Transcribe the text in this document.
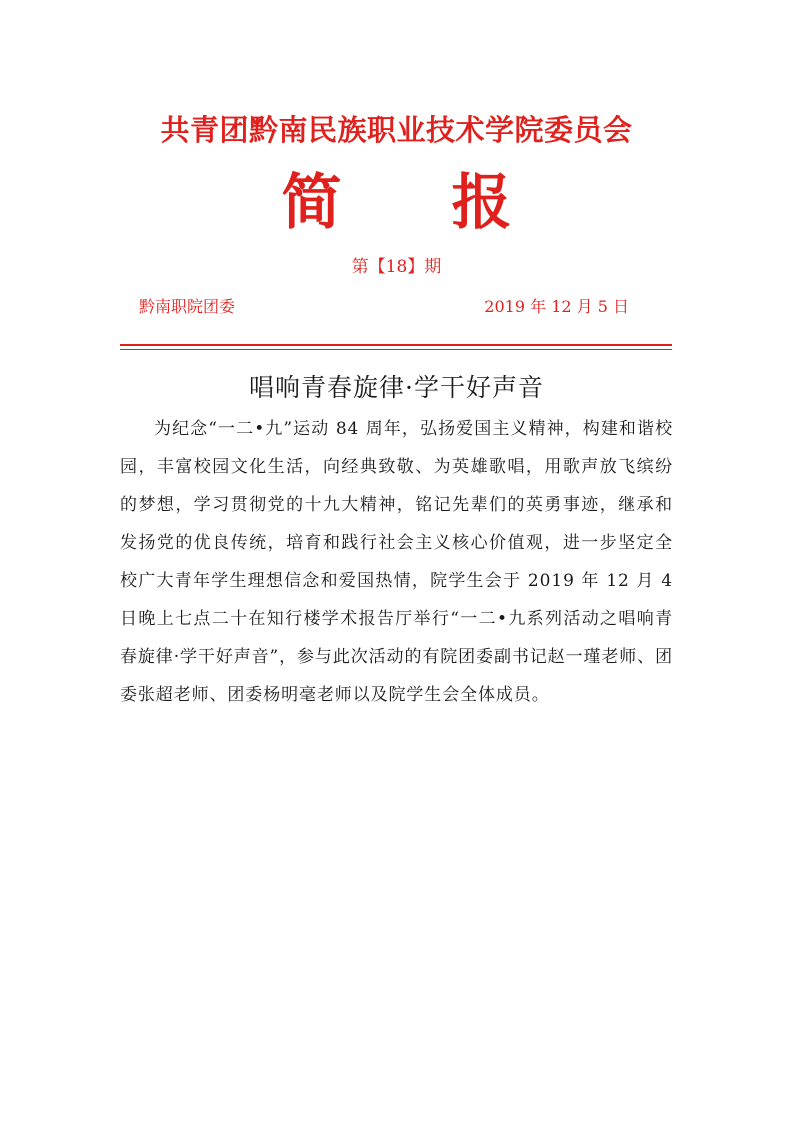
共青团黔南民族职业技术学院委员会
简 报
第【18】期
黔南职院团委	2019 年 12 月 5 日
唱响青春旋律·学干好声音

为纪念“一二•九”运动 84 周年，弘扬爱国主义精神，构建和谐校园，丰富校园文化生活，向经典致敬、为英雄歌唱，用歌声放飞缤纷的梦想，学习贯彻党的十九大精神，铭记先辈们的英勇事迹，继承和发扬党的优良传统，培育和践行社会主义核心价值观，进一步坚定全校广大青年学生理想信念和爱国热情，院学生会于 2019 年 12 月 4 日晚上七点二十在知行楼学术报告厅举行“一二•九系列活动之唱响青春旋律·学干好声音”，参与此次活动的有院团委副书记赵一瑾老师、团委张超老师、团委杨明毫老师以及院学生会全体成员。
